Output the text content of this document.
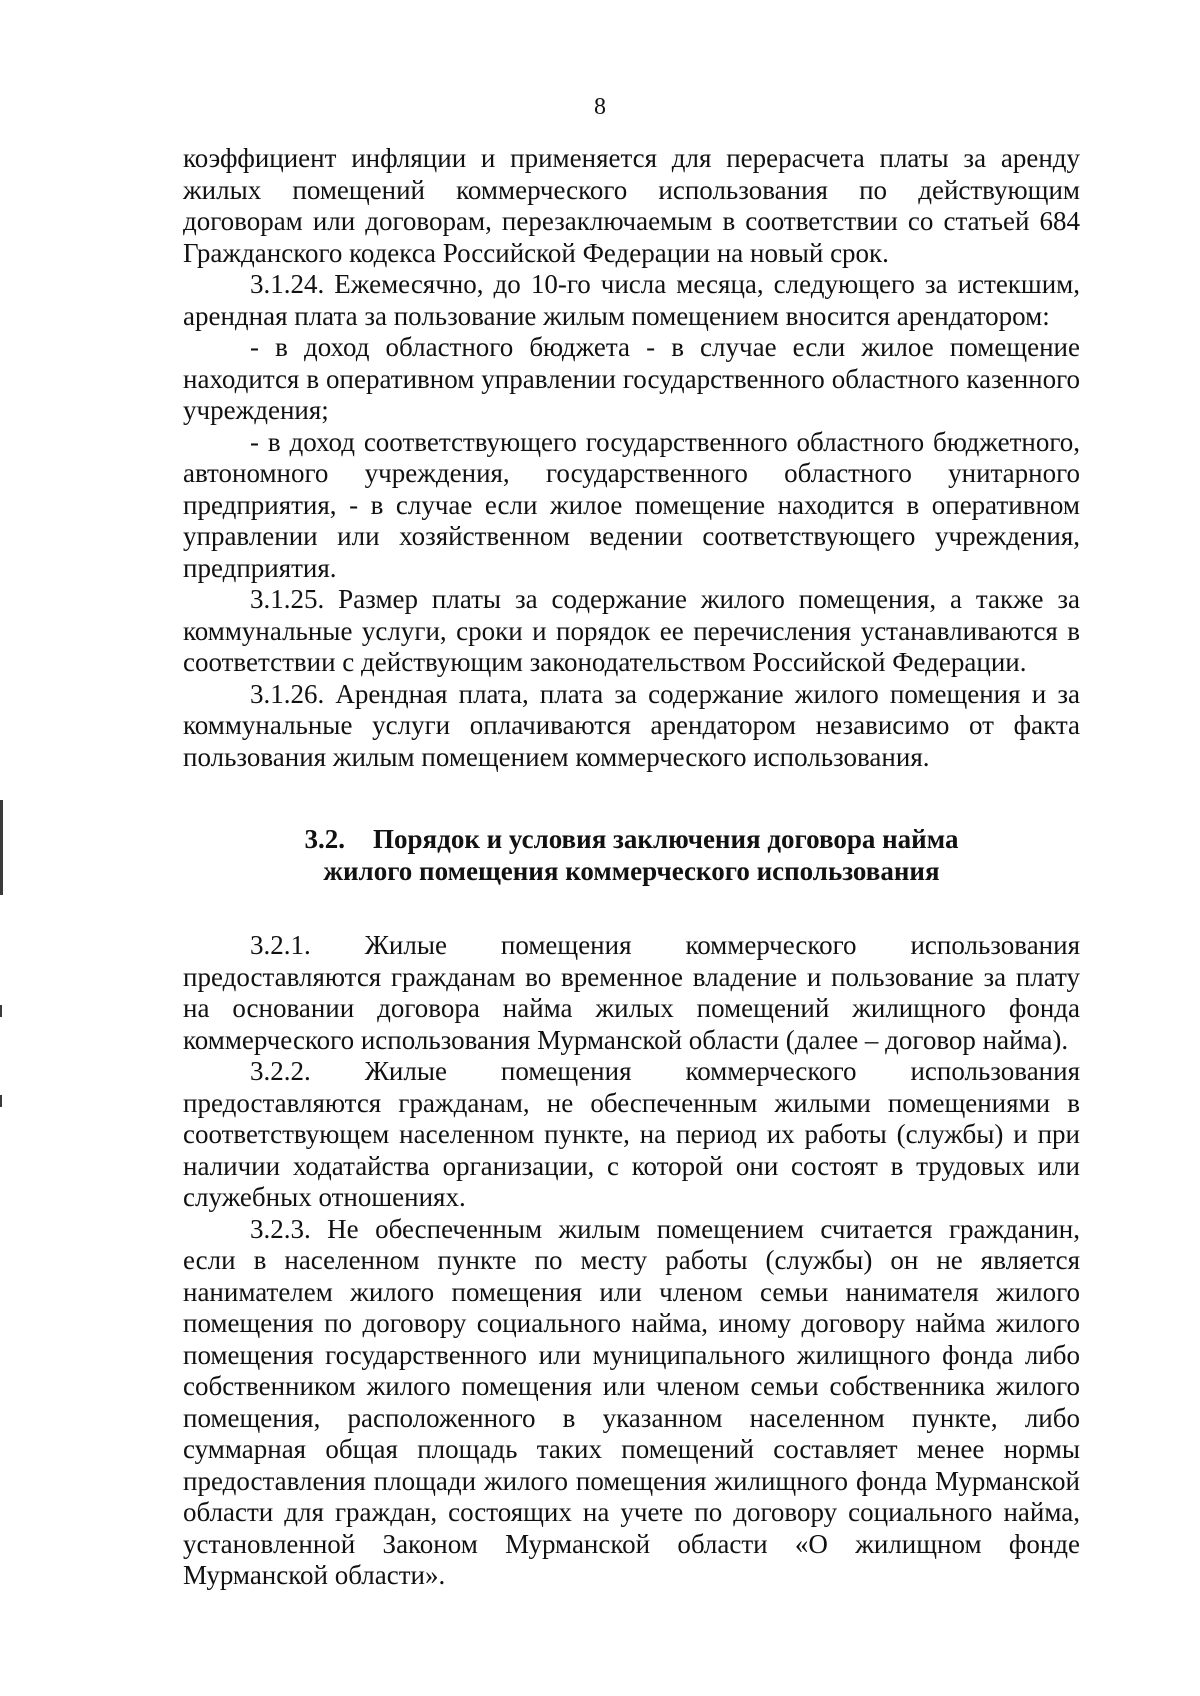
8

коэффициент инфляции и применяется для перерасчета платы за аренду жилых помещений коммерческого использования по действующим договорам или договорам, перезаключаемым в соответствии со статьей 684 Гражданского кодекса Российской Федерации на новый срок.

3.1.24. Ежемесячно, до 10-го числа месяца, следующего за истекшим, арендная плата за пользование жилым помещением вносится арендатором:

- в доход областного бюджета - в случае если жилое помещение находится в оперативном управлении государственного областного казенного учреждения;

- в доход соответствующего государственного областного бюджетного, автономного учреждения, государственного областного унитарного предприятия, - в случае если жилое помещение находится в оперативном управлении или хозяйственном ведении соответствующего учреждения, предприятия.

3.1.25. Размер платы за содержание жилого помещения, а также за коммунальные услуги, сроки и порядок ее перечисления устанавливаются в соответствии с действующим законодательством Российской Федерации.

3.1.26. Арендная плата, плата за содержание жилого помещения и за коммунальные услуги оплачиваются арендатором независимо от факта пользования жилым помещением коммерческого использования.

3.2. Порядок и условия заключения договора найма
жилого помещения коммерческого использования

3.2.1. Жилые помещения коммерческого использования предоставляются гражданам во временное владение и пользование за плату на основании договора найма жилых помещений жилищного фонда коммерческого использования Мурманской области (далее – договор найма).

3.2.2. Жилые помещения коммерческого использования предоставляются гражданам, не обеспеченным жилыми помещениями в соответствующем населенном пункте, на период их работы (службы) и при наличии ходатайства организации, с которой они состоят в трудовых или служебных отношениях.

3.2.3. Не обеспеченным жилым помещением считается гражданин, если в населенном пункте по месту работы (службы) он не является нанимателем жилого помещения или членом семьи нанимателя жилого помещения по договору социального найма, иному договору найма жилого помещения государственного или муниципального жилищного фонда либо собственником жилого помещения или членом семьи собственника жилого помещения, расположенного в указанном населенном пункте, либо суммарная общая площадь таких помещений составляет менее нормы предоставления площади жилого помещения жилищного фонда Мурманской области для граждан, состоящих на учете по договору социального найма, установленной Законом Мурманской области «О жилищном фонде Мурманской области».
